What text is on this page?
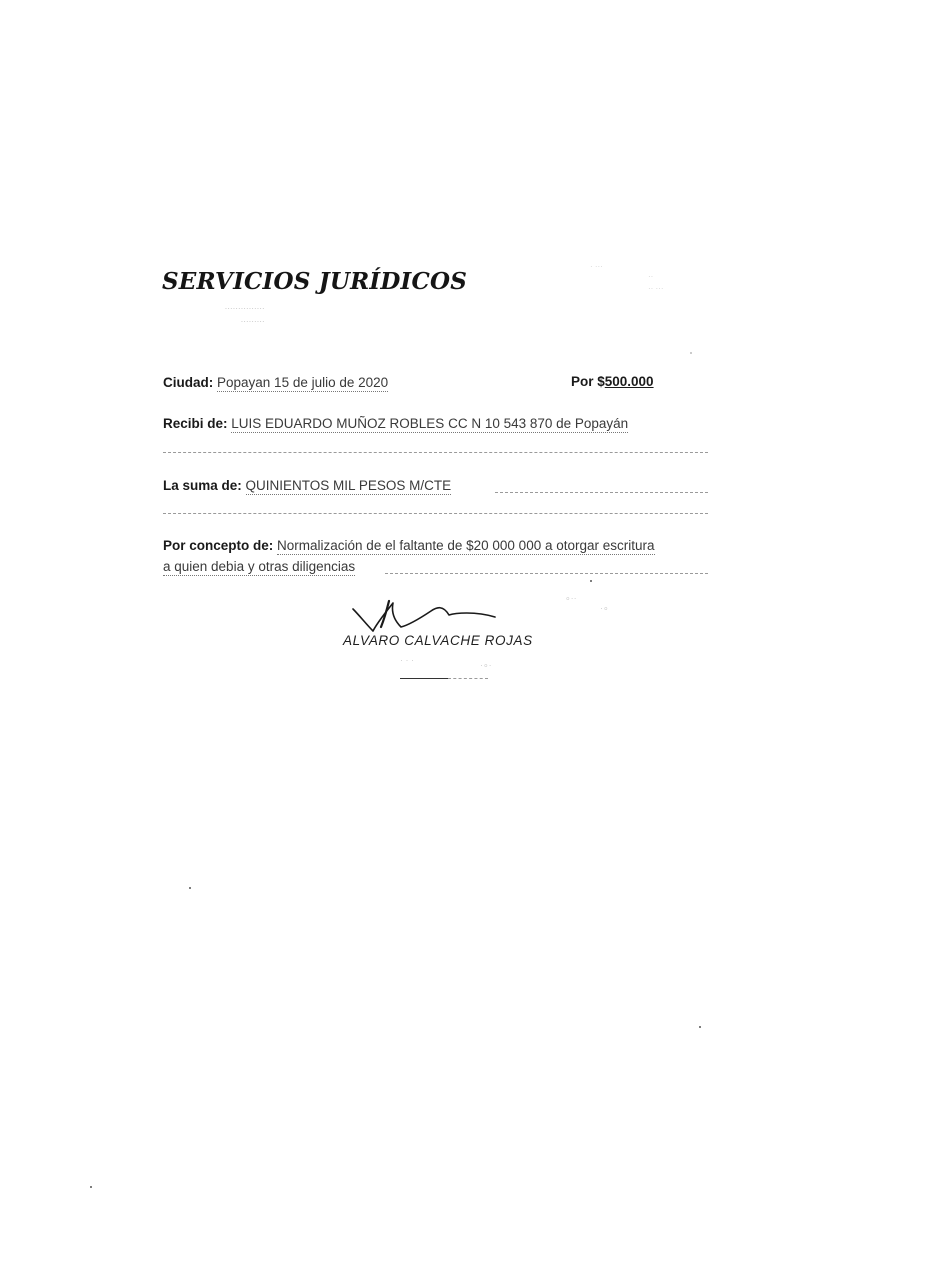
SERVICIOS JURÍDICOS
​⋯⋯⋯⋯⋯
⋯⋯⋯
· ···
··
·· ···
Ciudad: Popayan 15 de julio de 2020	Por $500.000
Recibi de: LUIS EDUARDO MUÑOZ ROBLES CC N 10 543 870 de Popayán
La suma de: QUINIENTOS MIL PESOS M/CTE
Por concepto de: Normalización de el faltante de $20 000 000 a otorgar escritura
a quien debia y otras diligencias
ALVARO CALVACHE ROJAS
∘··
·∘
·∘·
· · ·
